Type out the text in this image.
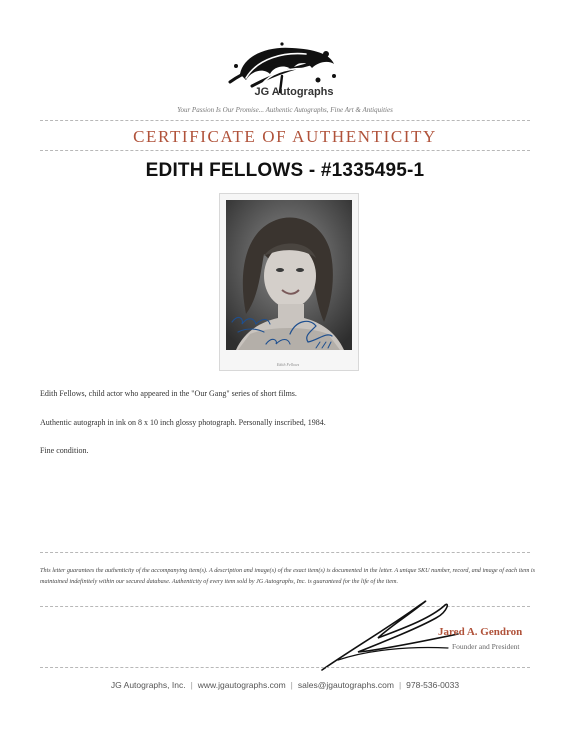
JG Autographs
Your Passion Is Our Promise... Authentic Autographs, Fine Art & Antiquities
CERTIFICATE OF AUTHENTICITY
EDITH FELLOWS - #1335495-1
Edith Fellows
Edith Fellows, child actor who appeared in the "Our Gang" series of short films.
Authentic autograph in ink on 8 x 10 inch glossy photograph. Personally inscribed, 1984.
Fine condition.
This letter guarantees the authenticity of the accompanying item(s). A description and image(s) of the exact item(s) is documented in the letter. A unique SKU number, record, and image of each item is maintained indefinitely within our secured database. Authenticity of every item sold by JG Autographs, Inc. is guaranteed for the life of the item.
Jared A. Gendron
Founder and President
JG Autographs, Inc. | www.jgautographs.com | sales@jgautographs.com | 978-536-0033
